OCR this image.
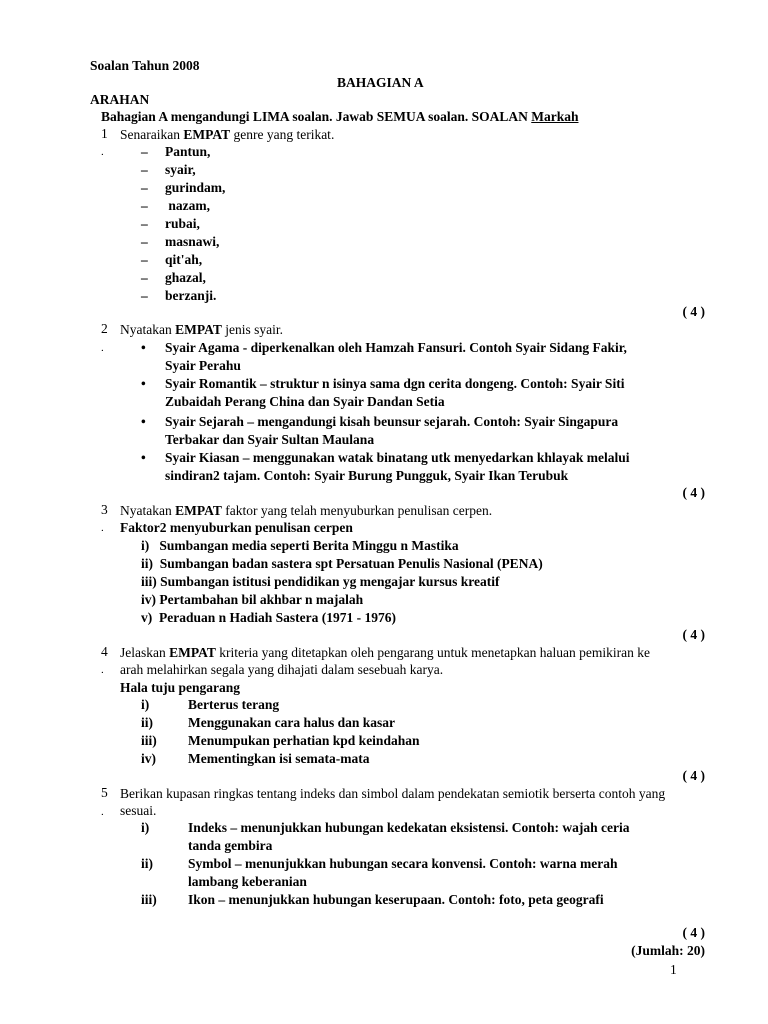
Soalan Tahun 2008
BAHAGIAN A
ARAHAN
Bahagian A mengandungi LIMA soalan. Jawab SEMUA soalan. SOALAN Markah
1 Senaraikan EMPAT genre yang terikat.
.	– Pantun,
– syair,
– gurindam,
– nazam,
– rubai,
– masnawi,
– qit'ah,
– ghazal,
– berzanji.
( 4 )
2 Nyatakan EMPAT jenis syair.
.	• Syair Agama - diperkenalkan oleh Hamzah Fansuri. Contoh Syair Sidang Fakir,
Syair Perahu
• Syair Romantik – struktur n isinya sama dgn cerita dongeng. Contoh: Syair Siti
Zubaidah Perang China dan Syair Dandan Setia
• Syair Sejarah – mengandungi kisah beunsur sejarah. Contoh: Syair Singapura
Terbakar dan Syair Sultan Maulana
• Syair Kiasan – menggunakan watak binatang utk menyedarkan khlayak melalui
sindiran2 tajam. Contoh: Syair Burung Pungguk, Syair Ikan Terubuk
( 4 )
3 Nyatakan EMPAT faktor yang telah menyuburkan penulisan cerpen.
. Faktor2 menyuburkan penulisan cerpen
i)   Sumbangan media seperti Berita Minggu n Mastika
ii)  Sumbangan badan sastera spt Persatuan Penulis Nasional (PENA)
iii) Sumbangan istitusi pendidikan yg mengajar kursus kreatif
iv) Pertambahan bil akhbar n majalah
v)  Peraduan n Hadiah Sastera (1971 - 1976)
( 4 )
4 Jelaskan EMPAT kriteria yang ditetapkan oleh pengarang untuk menetapkan haluan pemikiran ke
. arah melahirkan segala yang dihajati dalam sesebuah karya.
Hala tuju pengarang
i)	Berterus terang
ii)	Menggunakan cara halus dan kasar
iii) Menumpukan perhatian kpd keindahan
iv) Mementingkan isi semata-mata
( 4 )
5 Berikan kupasan ringkas tentang indeks dan simbol dalam pendekatan semiotik berserta contoh yang
. sesuai.
i)	Indeks – menunjukkan hubungan kedekatan eksistensi. Contoh: wajah ceria
tanda gembira
ii)	Symbol – menunjukkan hubungan secara konvensi. Contoh: warna merah
lambang keberanian
iii) Ikon – menunjukkan hubungan keserupaan. Contoh: foto, peta geografi
( 4 )
(Jumlah: 20)
1
